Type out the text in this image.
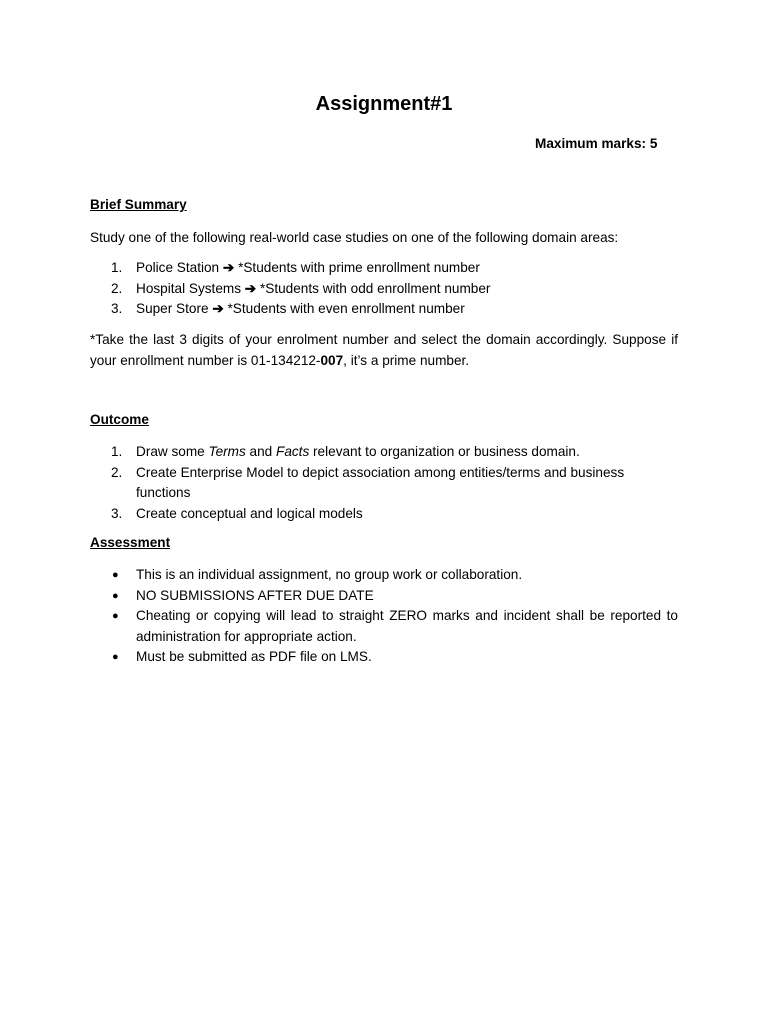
Assignment#1
Maximum marks: 5
Brief Summary
Study one of the following real-world case studies on one of the following domain areas:
1. Police Station ➔ *Students with prime enrollment number
2. Hospital Systems ➔ *Students with odd enrollment number
3. Super Store ➔ *Students with even enrollment number
*Take the last 3 digits of your enrolment number and select the domain accordingly. Suppose if your enrollment number is 01-134212-007, it’s a prime number.
Outcome
1. Draw some Terms and Facts relevant to organization or business domain.
2. Create Enterprise Model to depict association among entities/terms and business functions
3. Create conceptual and logical models
Assessment
● This is an individual assignment, no group work or collaboration.
● NO SUBMISSIONS AFTER DUE DATE
● Cheating or copying will lead to straight ZERO marks and incident shall be reported to administration for appropriate action.
● Must be submitted as PDF file on LMS.
